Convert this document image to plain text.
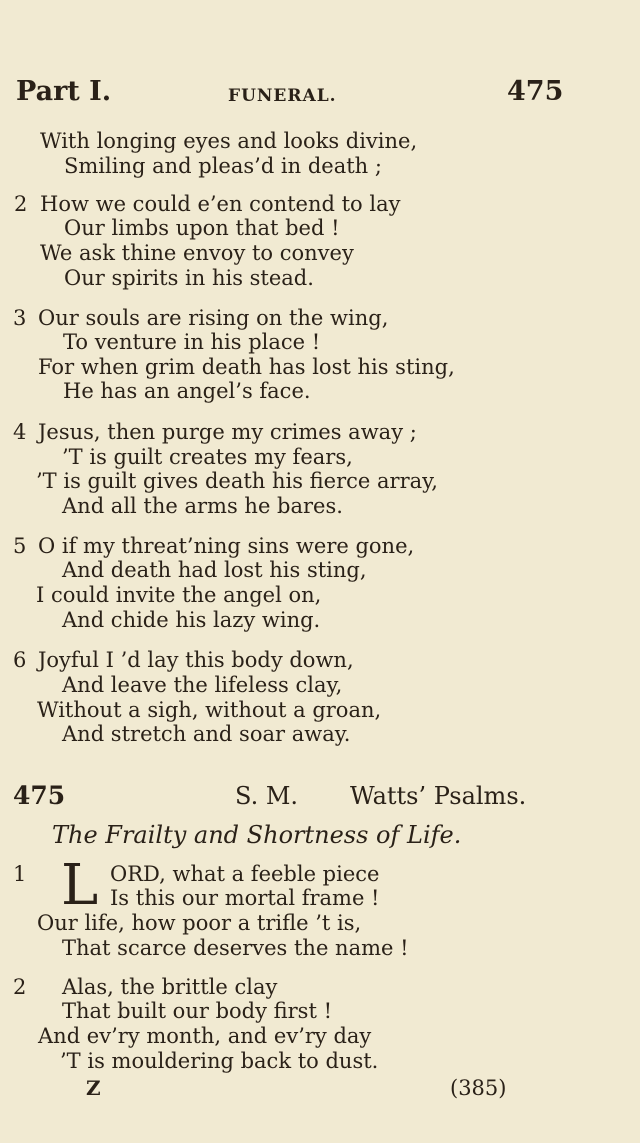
Part I.	FUNERAL.	475
With longing eyes and looks divine,
Smiling and pleas’d in death ;
2 How we could e’en contend to lay
Our limbs upon that bed !
We ask thine envoy to convey
Our spirits in his stead.
3 Our souls are rising on the wing,
To venture in his place !
For when grim death has lost his sting,
He has an angel’s face.
4 Jesus, then purge my crimes away ;
’T is guilt creates my fears,
’T is guilt gives death his fierce array,
And all the arms he bares.
5 O if my threat’ning sins were gone,
And death had lost his sting,
I could invite the angel on,
And chide his lazy wing.
6 Joyful I ’d lay this body down,
And leave the lifeless clay,
Without a sigh, without a groan,
And stretch and soar away.
475	S. M. Watts’ Psalms.
The Frailty and Shortness of Life.
1 L ORD, what a feeble piece
Is this our mortal frame !
Our life, how poor a trifle ’t is,
That scarce deserves the name !
2 Alas, the brittle clay
That built our body first !
And ev’ry month, and ev’ry day
’T is mouldering back to dust.
Z	(385)
